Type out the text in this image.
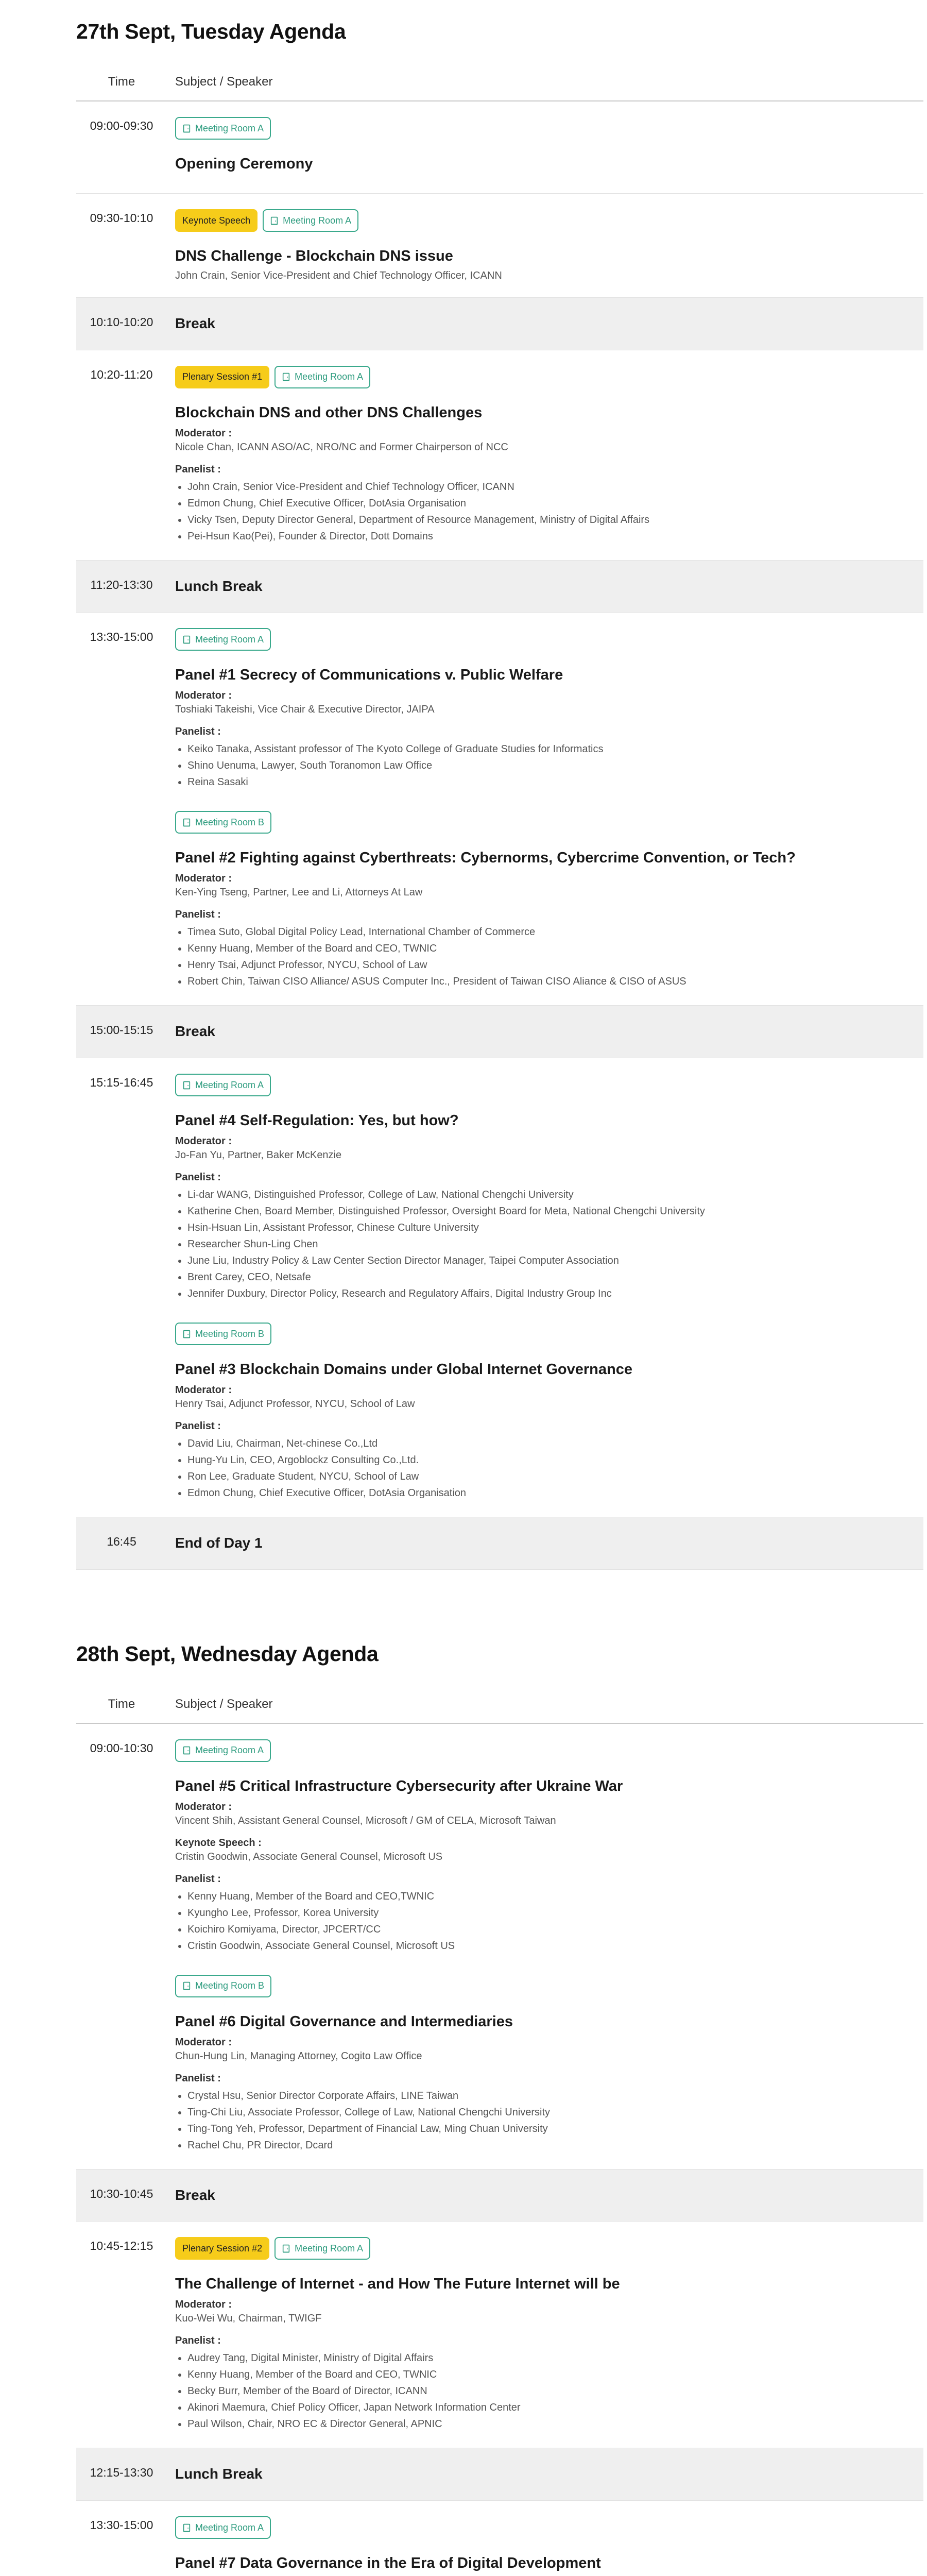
27th Sept, Tuesday Agenda
Time	Subject / Speaker
09:00-09:30	Meeting Room A
Opening Ceremony
09:30-10:10	Keynote Speech	Meeting Room A
DNS Challenge - Blockchain DNS issue
John Crain, Senior Vice-President and Chief Technology Officer, ICANN
10:10-10:20	Break
10:20-11:20	Plenary Session #1	Meeting Room A
Blockchain DNS and other DNS Challenges
Moderator :
Nicole Chan, ICANN ASO/AC, NRO/NC and Former Chairperson of NCC
Panelist :
• John Crain, Senior Vice-President and Chief Technology Officer, ICANN
• Edmon Chung, Chief Executive Officer, DotAsia Organisation
• Vicky Tsen, Deputy Director General, Department of Resource Management, Ministry of Digital Affairs
• Pei-Hsun Kao(Pei), Founder & Director, Dott Domains
11:20-13:30	Lunch Break
13:30-15:00	Meeting Room A
Panel #1 Secrecy of Communications v. Public Welfare
Moderator :
Toshiaki Takeishi, Vice Chair & Executive Director, JAIPA
Panelist :
• Keiko Tanaka, Assistant professor of The Kyoto College of Graduate Studies for Informatics
• Shino Uenuma, Lawyer, South Toranomon Law Office
• Reina Sasaki
Meeting Room B
Panel #2 Fighting against Cyberthreats: Cybernorms, Cybercrime Convention, or Tech?
Moderator :
Ken-Ying Tseng, Partner, Lee and Li, Attorneys At Law
Panelist :
• Timea Suto, Global Digital Policy Lead, International Chamber of Commerce
• Kenny Huang, Member of the Board and CEO, TWNIC
• Henry Tsai, Adjunct Professor, NYCU, School of Law
• Robert Chin, Taiwan CISO Alliance/ ASUS Computer Inc., President of Taiwan CISO Aliance & CISO of ASUS
15:00-15:15	Break
15:15-16:45	Meeting Room A
Panel #4 Self-Regulation: Yes, but how?
Moderator :
Jo-Fan Yu, Partner, Baker McKenzie
Panelist :
• Li-dar WANG, Distinguished Professor, College of Law, National Chengchi University
• Katherine Chen, Board Member, Distinguished Professor, Oversight Board for Meta, National Chengchi University
• Hsin-Hsuan Lin, Assistant Professor, Chinese Culture University
• Researcher Shun-Ling Chen
• June Liu, Industry Policy & Law Center Section Director Manager, Taipei Computer Association
• Brent Carey, CEO, Netsafe
• Jennifer Duxbury, Director Policy, Research and Regulatory Affairs, Digital Industry Group Inc
Meeting Room B
Panel #3 Blockchain Domains under Global Internet Governance
Moderator :
Henry Tsai, Adjunct Professor, NYCU, School of Law
Panelist :
• David Liu, Chairman, Net-chinese Co.,Ltd
• Hung-Yu Lin, CEO, Argoblockz Consulting Co.,Ltd.
• Ron Lee, Graduate Student, NYCU, School of Law
• Edmon Chung, Chief Executive Officer, DotAsia Organisation
16:45	End of Day 1
28th Sept, Wednesday Agenda
Time	Subject / Speaker
09:00-10:30	Meeting Room A
Panel #5 Critical Infrastructure Cybersecurity after Ukraine War
Moderator :
Vincent Shih, Assistant General Counsel, Microsoft / GM of CELA, Microsoft Taiwan
Keynote Speech :
Cristin Goodwin, Associate General Counsel, Microsoft US
Panelist :
• Kenny Huang, Member of the Board and CEO,TWNIC
• Kyungho Lee, Professor, Korea University
• Koichiro Komiyama, Director, JPCERT/CC
• Cristin Goodwin, Associate General Counsel, Microsoft US
Meeting Room B
Panel #6 Digital Governance and Intermediaries
Moderator :
Chun-Hung Lin, Managing Attorney, Cogito Law Office
Panelist :
• Crystal Hsu, Senior Director Corporate Affairs, LINE Taiwan
• Ting-Chi Liu, Associate Professor, College of Law, National Chengchi University
• Ting-Tong Yeh, Professor, Department of Financial Law, Ming Chuan University
• Rachel Chu, PR Director, Dcard
10:30-10:45	Break
10:45-12:15	Plenary Session #2	Meeting Room A
The Challenge of Internet - and How The Future Internet will be
Moderator :
Kuo-Wei Wu, Chairman, TWIGF
Panelist :
• Audrey Tang, Digital Minister, Ministry of Digital Affairs
• Kenny Huang, Member of the Board and CEO, TWNIC
• Becky Burr, Member of the Board of Director, ICANN
• Akinori Maemura, Chief Policy Officer, Japan Network Information Center
• Paul Wilson, Chair, NRO EC & Director General, APNIC
12:15-13:30	Lunch Break
13:30-15:00	Meeting Room A
Panel #7 Data Governance in the Era of Digital Development
